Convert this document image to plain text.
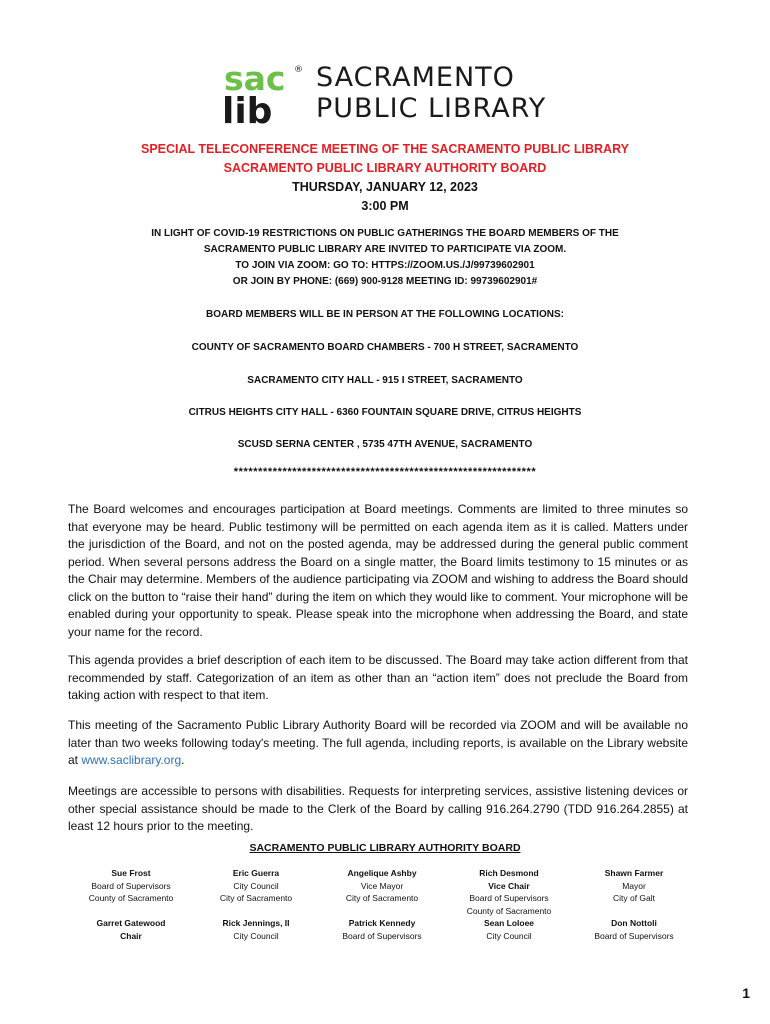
sac ®
lib
SACRAMENTO
PUBLIC LIBRARY
SPECIAL TELECONFERENCE MEETING OF THE SACRAMENTO PUBLIC LIBRARY
SACRAMENTO PUBLIC LIBRARY AUTHORITY BOARD
THURSDAY, JANUARY 12, 2023
3:00 PM
IN LIGHT OF COVID-19 RESTRICTIONS ON PUBLIC GATHERINGS THE BOARD MEMBERS OF THE
SACRAMENTO PUBLIC LIBRARY ARE INVITED TO PARTICIPATE VIA ZOOM.
TO JOIN VIA ZOOM: GO TO: HTTPS://ZOOM.US./J/99739602901
OR JOIN BY PHONE: (669) 900-9128 MEETING ID: 99739602901#
BOARD MEMBERS WILL BE IN PERSON AT THE FOLLOWING LOCATIONS:
COUNTY OF SACRAMENTO BOARD CHAMBERS - 700 H STREET, SACRAMENTO
SACRAMENTO CITY HALL - 915 I STREET, SACRAMENTO
CITRUS HEIGHTS CITY HALL - 6360 FOUNTAIN SQUARE DRIVE, CITRUS HEIGHTS
SCUSD SERNA CENTER , 5735 47TH AVENUE, SACRAMENTO
**************************************************************
The Board welcomes and encourages participation at Board meetings. Comments are limited to three minutes so that everyone may be heard. Public testimony will be permitted on each agenda item as it is called. Matters under the jurisdiction of the Board, and not on the posted agenda, may be addressed during the general public comment period. When several persons address the Board on a single matter, the Board limits testimony to 15 minutes or as the Chair may determine. Members of the audience participating via ZOOM and wishing to address the Board should click on the button to “raise their hand” during the item on which they would like to comment. Your microphone will be enabled during your opportunity to speak. Please speak into the microphone when addressing the Board, and state your name for the record.
This agenda provides a brief description of each item to be discussed. The Board may take action different from that recommended by staff. Categorization of an item as other than an “action item” does not preclude the Board from taking action with respect to that item.
This meeting of the Sacramento Public Library Authority Board will be recorded via ZOOM and will be available no later than two weeks following today's meeting. The full agenda, including reports, is available on the Library website at www.saclibrary.org.
Meetings are accessible to persons with disabilities. Requests for interpreting services, assistive listening devices or other special assistance should be made to the Clerk of the Board by calling 916.264.2790 (TDD 916.264.2855) at least 12 hours prior to the meeting.
SACRAMENTO PUBLIC LIBRARY AUTHORITY BOARD
Sue Frost
Board of Supervisors
County of Sacramento
Eric Guerra
City Council
City of Sacramento
Angelique Ashby
Vice Mayor
City of Sacramento
Rich Desmond
Vice Chair
Board of Supervisors
County of Sacramento
Shawn Farmer
Mayor
City of Galt
Garret Gatewood
Chair
Rick Jennings, II
City Council
Patrick Kennedy
Board of Supervisors
Sean Loloee
City Council
Don Nottoli
Board of Supervisors
1
